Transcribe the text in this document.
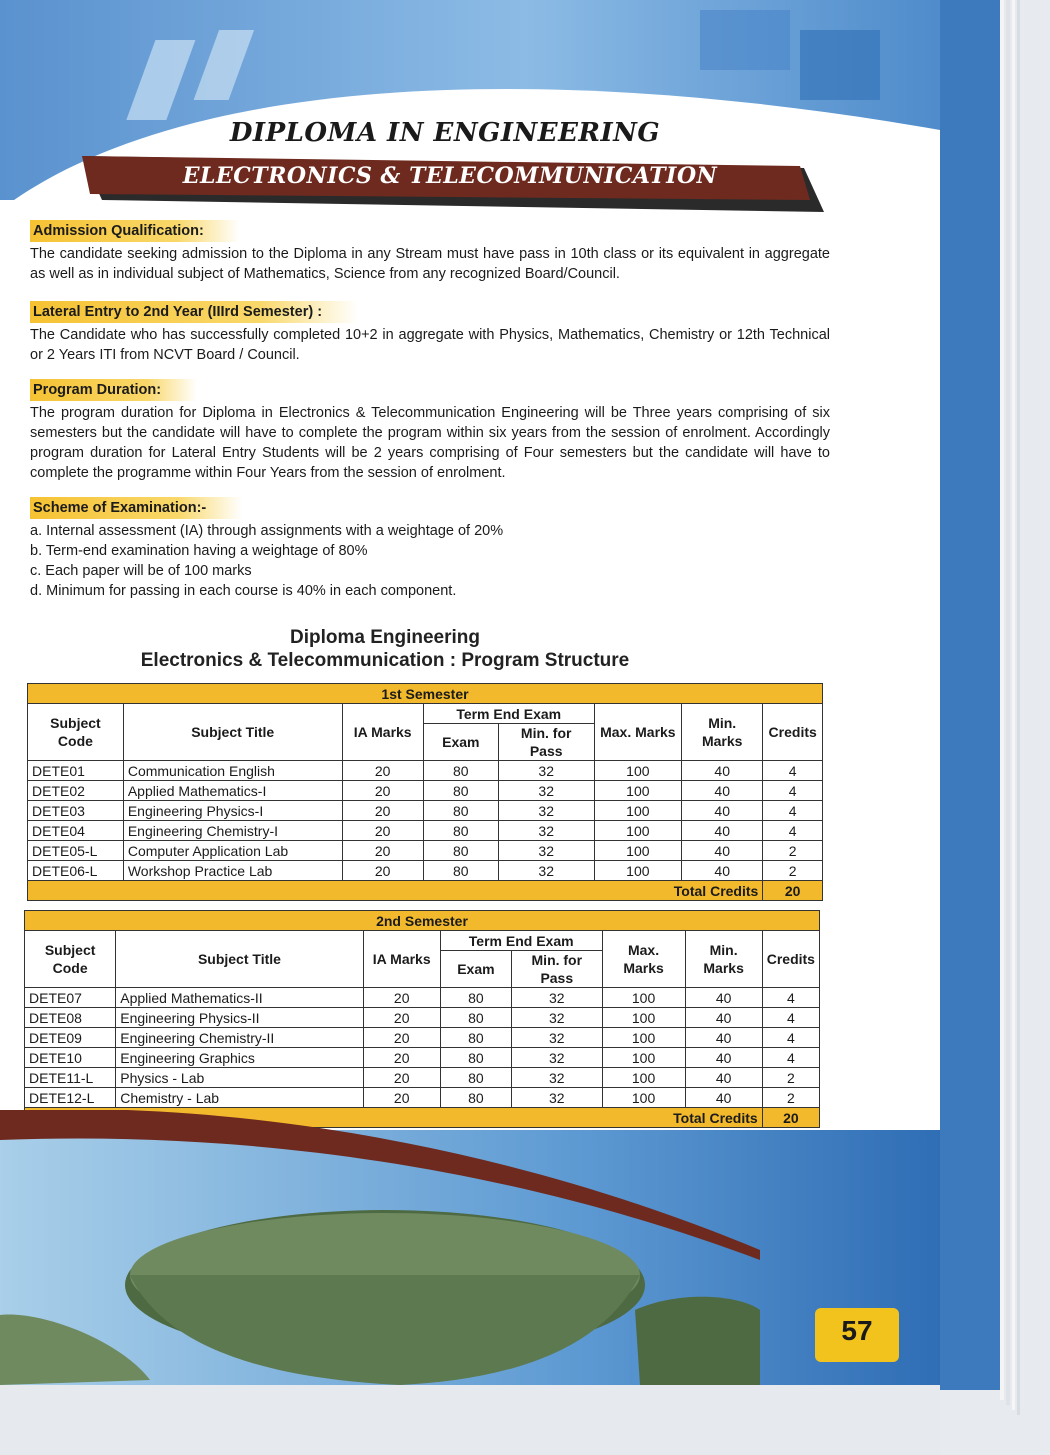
DIPLOMA IN ENGINEERING
ELECTRONICS & TELECOMMUNICATION
Admission Qualification:
The candidate seeking admission to the Diploma in any Stream must have pass in 10th class or its equivalent in aggregate as well as in individual subject of Mathematics, Science from any recognized Board/Council.
Lateral Entry to 2nd Year (IIIrd Semester) :
The Candidate who has successfully completed 10+2 in aggregate with Physics, Mathematics, Chemistry or 12th Technical or 2 Years ITI from NCVT Board / Council.
Program Duration:
The program duration for Diploma in Electronics & Telecommunication Engineering will be Three years comprising of six semesters but the candidate will have to complete the program within six years from the session of enrolment. Accordingly program duration for Lateral Entry Students will be 2 years comprising of Four semesters but the candidate will have to complete the programme within Four Years from the session of enrolment.
Scheme of Examination:-
a. Internal assessment (IA) through assignments with a weightage of 20%
b. Term-end examination having a weightage of 80%
c. Each paper will be of 100 marks
d. Minimum for passing in each course is 40% in each component.
Diploma Engineering
Electronics & Telecommunication : Program Structure
1st Semester							
Subject Code	Subject Title	IA Marks	Term End Exam		Max. Marks	Min. Marks	Credits
			Exam	Min. for Pass			
DETE01	Communication English	20	80	32	100	40	4
DETE02	Applied Mathematics-I	20	80	32	100	40	4
DETE03	Engineering Physics-I	20	80	32	100	40	4
DETE04	Engineering Chemistry-I	20	80	32	100	40	4
DETE05-L	Computer Application Lab	20	80	32	100	40	2
DETE06-L	Workshop Practice Lab	20	80	32	100	40	2
Total Credits							20
2nd Semester							
Subject Code	Subject Title	IA Marks	Term End Exam		Max. Marks	Min. Marks	Credits
			Exam	Min. for Pass			
DETE07	Applied Mathematics-II	20	80	32	100	40	4
DETE08	Engineering Physics-II	20	80	32	100	40	4
DETE09	Engineering Chemistry-II	20	80	32	100	40	4
DETE10	Engineering Graphics	20	80	32	100	40	4
DETE11-L	Physics - Lab	20	80	32	100	40	2
DETE12-L	Chemistry - Lab	20	80	32	100	40	2
Total Credits							20
57
